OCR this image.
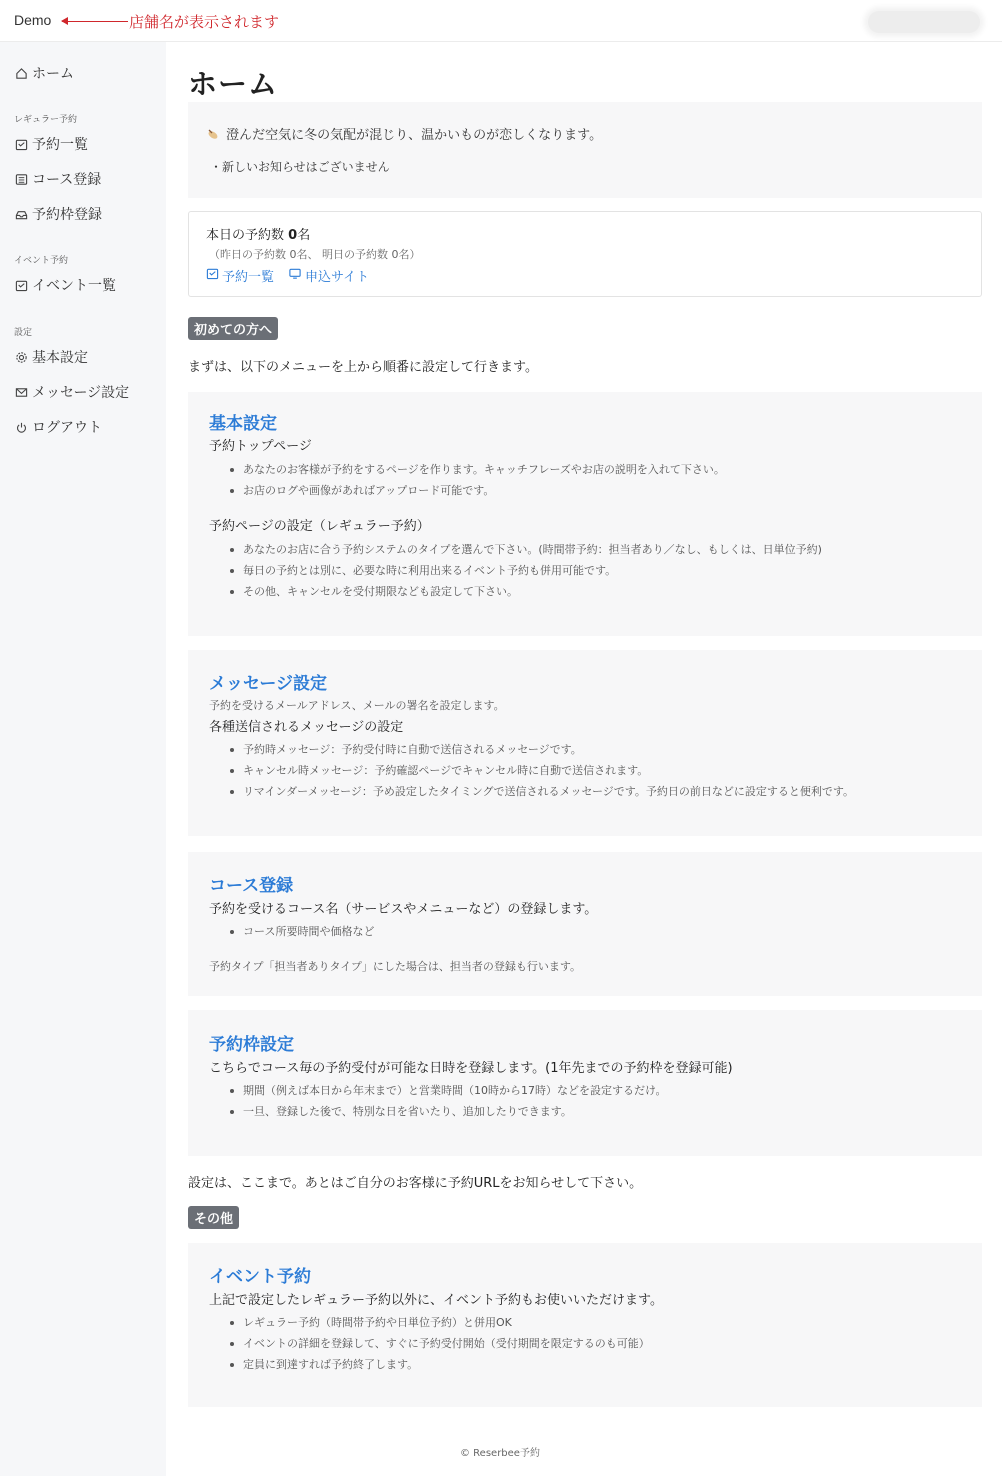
Demo	店舗名が表示されます
ホーム
レギュラー予約
予約一覧
コース登録
予約枠登録
イベント予約
イベント一覧
設定
基本設定
メッセージ設定
ログアウト
ホーム
澄んだ空気に冬の気配が混じり、温かいものが恋しくなります。
・新しいお知らせはございません
本日の予約数 0名
（昨日の予約数 0名、 明日の予約数 0名）
予約一覧 申込サイト
初めての方へ
まずは、以下のメニューを上から順番に設定して行きます。
基本設定
予約トップページ
あなたのお客様が予約をするページを作ります。キャッチフレーズやお店の説明を入れて下さい。
お店のログや画像があればアップロード可能です。
予約ページの設定（レギュラー予約）
あなたのお店に合う予約システムのタイプを選んで下さい。(時間帯予約：担当者あり／なし、もしくは、日単位予約)
毎日の予約とは別に、必要な時に利用出来るイベント予約も併用可能です。
その他、キャンセルを受付期限なども設定して下さい。
メッセージ設定
予約を受けるメールアドレス、メールの署名を設定します。
各種送信されるメッセージの設定
予約時メッセージ：予約受付時に自動で送信されるメッセージです。
キャンセル時メッセージ：予約確認ページでキャンセル時に自動で送信されます。
リマインダーメッセージ：予め設定したタイミングで送信されるメッセージです。予約日の前日などに設定すると便利です。
コース登録
予約を受けるコース名（サービスやメニューなど）の登録します。
コース所要時間や価格など
予約タイプ「担当者ありタイプ」にした場合は、担当者の登録も行います。
予約枠設定
こちらでコース毎の予約受付が可能な日時を登録します。(1年先までの予約枠を登録可能)
期間（例えば本日から年末まで）と営業時間（10時から17時）などを設定するだけ。
一旦、登録した後で、特別な日を省いたり、追加したりできます。
設定は、ここまで。あとはご自分のお客様に予約URLをお知らせして下さい。
その他
イベント予約
上記で設定したレギュラー予約以外に、イベント予約もお使いいただけます。
レギュラー予約（時間帯予約や日単位予約）と併用OK
イベントの詳細を登録して、すぐに予約受付開始（受付期間を限定するのも可能）
定員に到達すれば予約終了します。
© Reserbee予約
